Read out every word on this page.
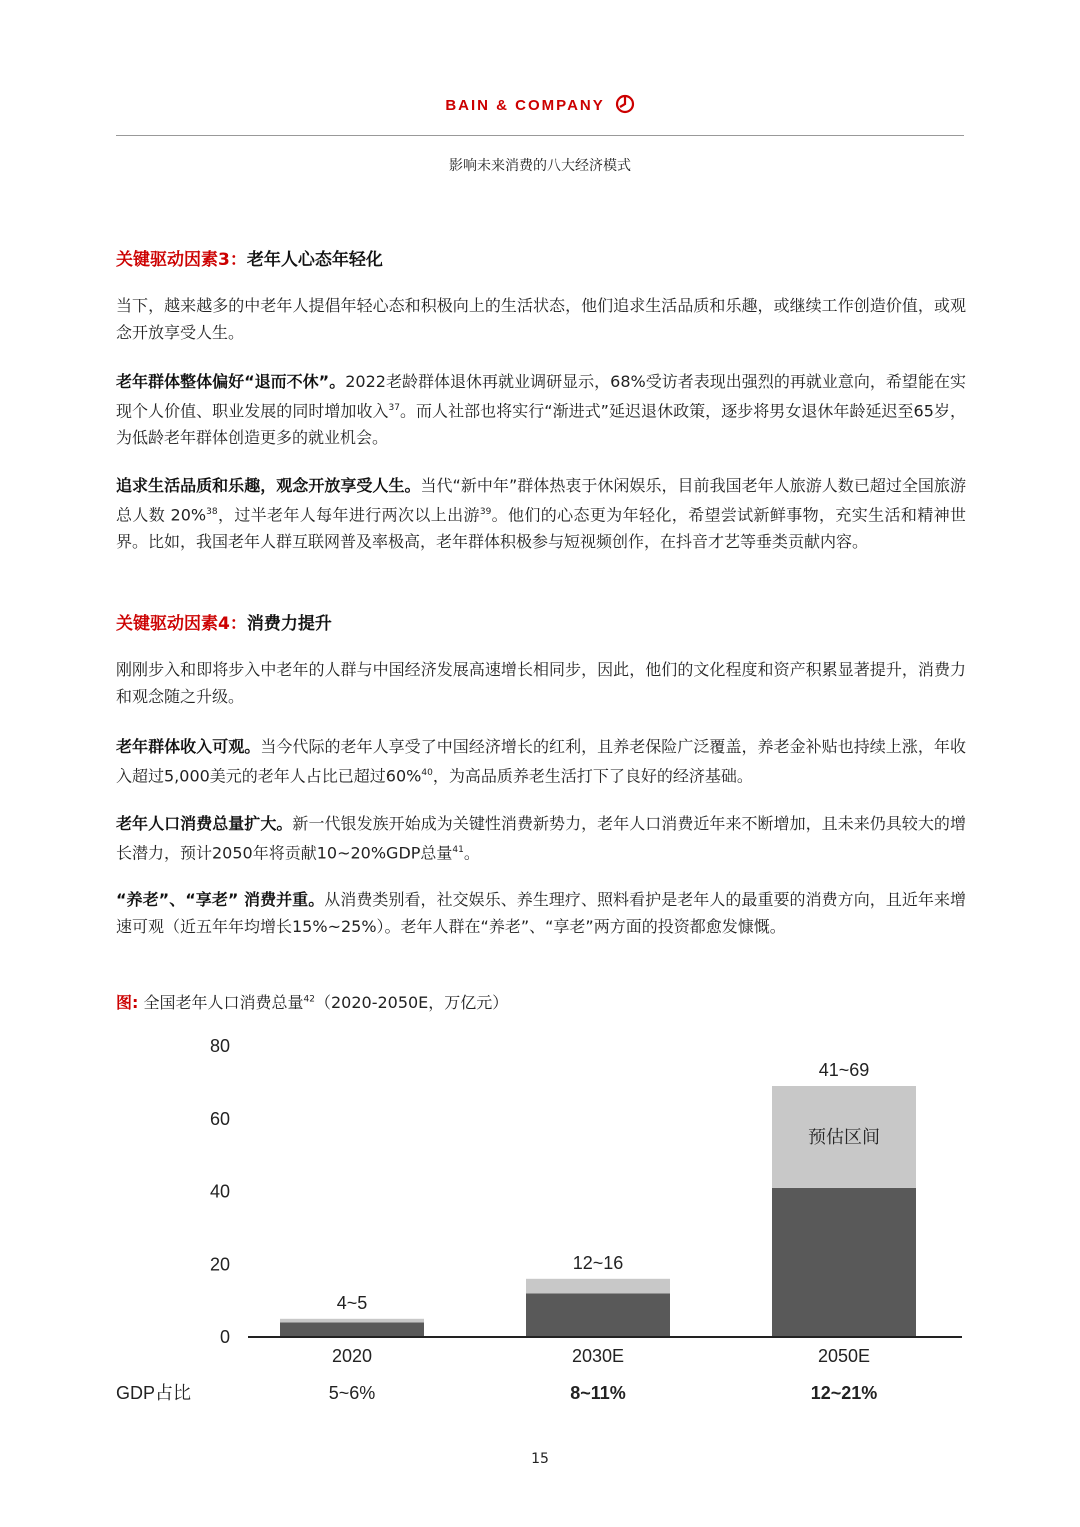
BAIN & COMPANY
影响未来消费的八大经济模式
关键驱动因素3：老年人心态年轻化
当下，越来越多的中老年人提倡年轻心态和积极向上的生活状态，他们追求生活品质和乐趣，或继续工作创造价值，或观念开放享受人生。
老年群体整体偏好“退而不休”。2022老龄群体退休再就业调研显示，68%受访者表现出强烈的再就业意向，希望能在实现个人价值、职业发展的同时增加收入$^{37}$。而人社部也将实行“渐进式”延迟退休政策，逐步将男女退休年龄延迟至65岁，为低龄老年群体创造更多的就业机会。
追求生活品质和乐趣，观念开放享受人生。当代“新中年”群体热衷于休闲娱乐，目前我国老年人旅游人数已超过全国旅游总人数 20%$^{38}$，过半老年人每年进行两次以上出游$^{39}$。他们的心态更为年轻化，希望尝试新鲜事物，充实生活和精神世界。比如，我国老年人群互联网普及率极高，老年群体积极参与短视频创作，在抖音才艺等垂类贡献内容。
关键驱动因素4：消费力提升
刚刚步入和即将步入中老年的人群与中国经济发展高速增长相同步，因此，他们的文化程度和资产积累显著提升，消费力和观念随之升级。
老年群体收入可观。当今代际的老年人享受了中国经济增长的红利，且养老保险广泛覆盖，养老金补贴也持续上涨，年收入超过5,000美元的老年人占比已超过60%$^{40}$，为高品质养老生活打下了良好的经济基础。
老年人口消费总量扩大。新一代银发族开始成为关键性消费新势力，老年人口消费近年来不断增加，且未来仍具较大的增长潜力，预计2050年将贡献10~20%GDP总量$^{41}$。
“养老”、“享老” 消费并重。从消费类别看，社交娱乐、养生理疗、照料看护是老年人的最重要的消费方向，且近年来增速可观（近五年年均增长15%~25%）。老年人群在“养老”、“享老”两方面的投资都愈发慷慨。
图: 全国老年人口消费总量$^{42}$（2020-2050E，万亿元）
0
20
40
60
80
4~5
2020
5~6%
12~16
2030E
8~11%
41~69
2050E
12~21%
预估区间
GDP占比
15
